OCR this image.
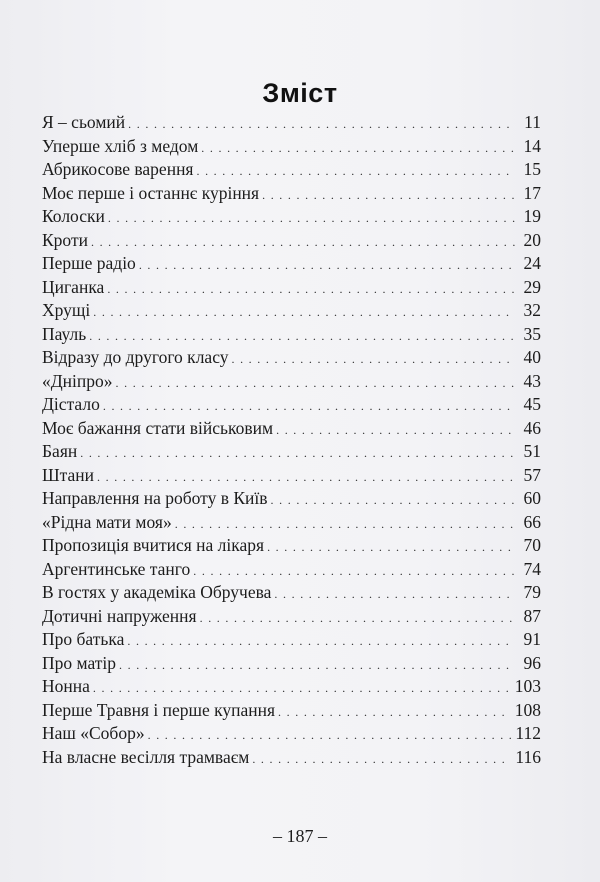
Зміст
Я – сьомий . . .	11
Уперше хліб з медом . . .	14
Абрикосове варення . . .	15
Моє перше і останнє куріння . . .	17
Колоски . . .	19
Кроти . . .	20
Перше радіо . . .	24
Циганка . . .	29
Хрущі . . .	32
Пауль . . .	35
Відразу до другого класу . . .	40
«Дніпро» . . .	43
Дістало . . .	45
Моє бажання стати військовим . . .	46
Баян . . .	51
Штани . . .	57
Направлення на роботу в Київ . . .	60
«Рідна мати моя» . . .	66
Пропозиція вчитися на лікаря . . .	70
Аргентинське танго . . .	74
В гостях у академіка Обручева . . .	79
Дотичні напруження . . .	87
Про батька . . .	91
Про матір . . .	96
Нонна . . .	103
Перше Травня і перше купання . . .	108
Наш «Собор» . . .	112
На власне весілля трамваєм . . .	116
– 187 –
